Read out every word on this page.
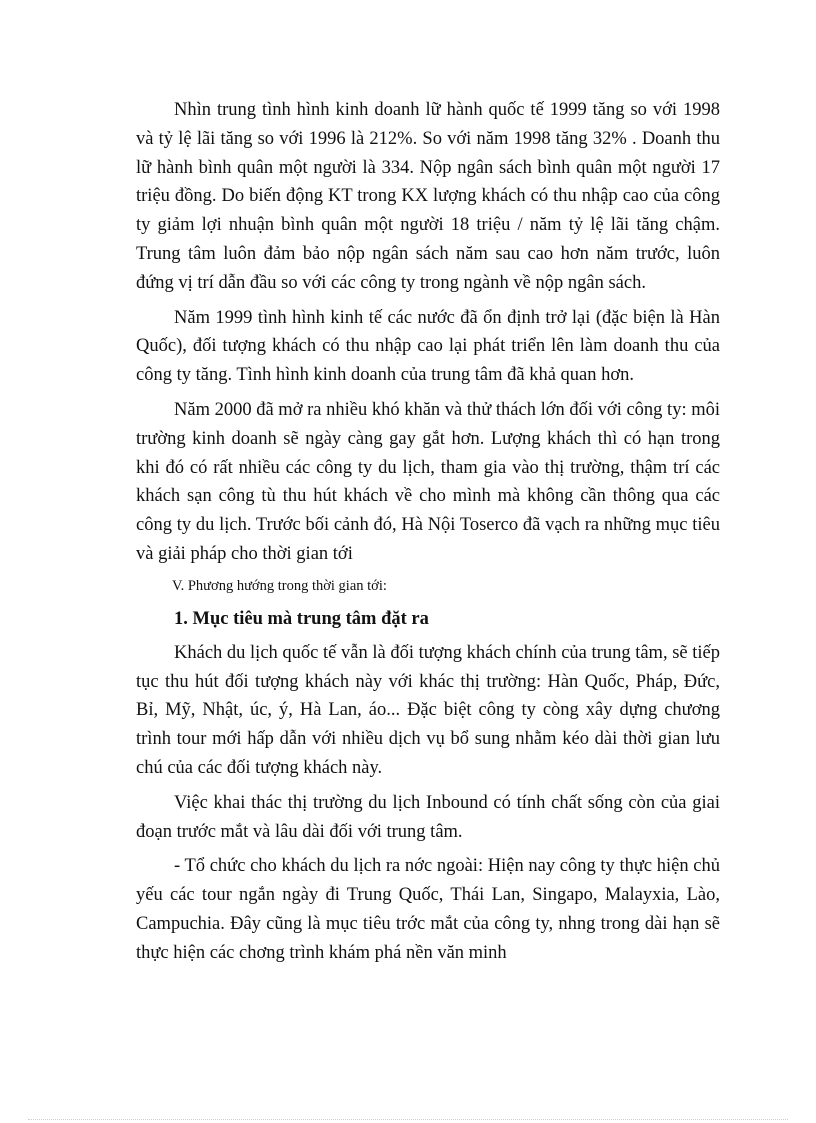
Nhìn trung tình hình kinh doanh lữ hành quốc tế 1999 tăng so với 1998 và tỷ lệ lãi tăng so với 1996 là 212%. So với năm 1998 tăng 32% . Doanh thu lữ hành bình quân một người là 334. Nộp ngân sách bình quân một người 17 triệu đồng. Do biến động KT trong KX lượng khách có thu nhập cao của công ty giảm lợi nhuận bình quân một người 18 triệu / năm tỷ lệ lãi tăng chậm. Trung tâm luôn đảm bảo nộp ngân sách năm sau cao hơn năm trước, luôn đứng vị trí dẫn đầu so với các công ty trong ngành về nộp ngân sách.

Năm 1999 tình hình kinh tế các nước đã ổn định trở lại (đặc biện là Hàn Quốc), đối tượng khách có thu nhập cao lại phát triển lên làm doanh thu của công ty tăng. Tình hình kinh doanh của trung tâm đã khả quan hơn.

Năm 2000 đã mở ra nhiều khó khăn và thử thách lớn đối với công ty: môi trường kinh doanh sẽ ngày càng gay gắt hơn. Lượng khách thì có hạn trong khi đó có rất nhiều các công ty du lịch, tham gia vào thị trường, thậm trí các khách sạn công tù thu hút khách về cho mình mà không cần thông qua các công ty du lịch. Trước bối cảnh đó, Hà Nội Toserco đã vạch ra những mục tiêu và giải pháp cho thời gian tới

V. Phương hướng trong thời gian tới:
1. Mục tiêu mà trung tâm đặt ra

Khách du lịch quốc tế vẫn là đối tượng khách chính của trung tâm, sẽ tiếp tục thu hút đối tượng khách này với khác thị trường: Hàn Quốc, Pháp, Đức, Bỉ, Mỹ, Nhật, úc, ý, Hà Lan, áo... Đặc biệt công ty còng xây dựng chương trình tour mới hấp dẫn với nhiều dịch vụ bổ sung nhằm kéo dài thời gian lưu chú của các đối tượng khách này.

Việc khai thác thị trường du lịch Inbound có tính chất sống còn của giai đoạn trước mắt và lâu dài đối với trung tâm.

- Tổ chức cho khách du lịch ra nớc ngoài: Hiện nay công ty thực hiện chủ yếu các tour ngắn ngày đi Trung Quốc, Thái Lan, Singapo, Malayxia, Lào, Campuchia. Đây cũng là mục tiêu trớc mắt của công ty, nhng trong dài hạn sẽ thực hiện các chơng trình khám phá nền văn minh
